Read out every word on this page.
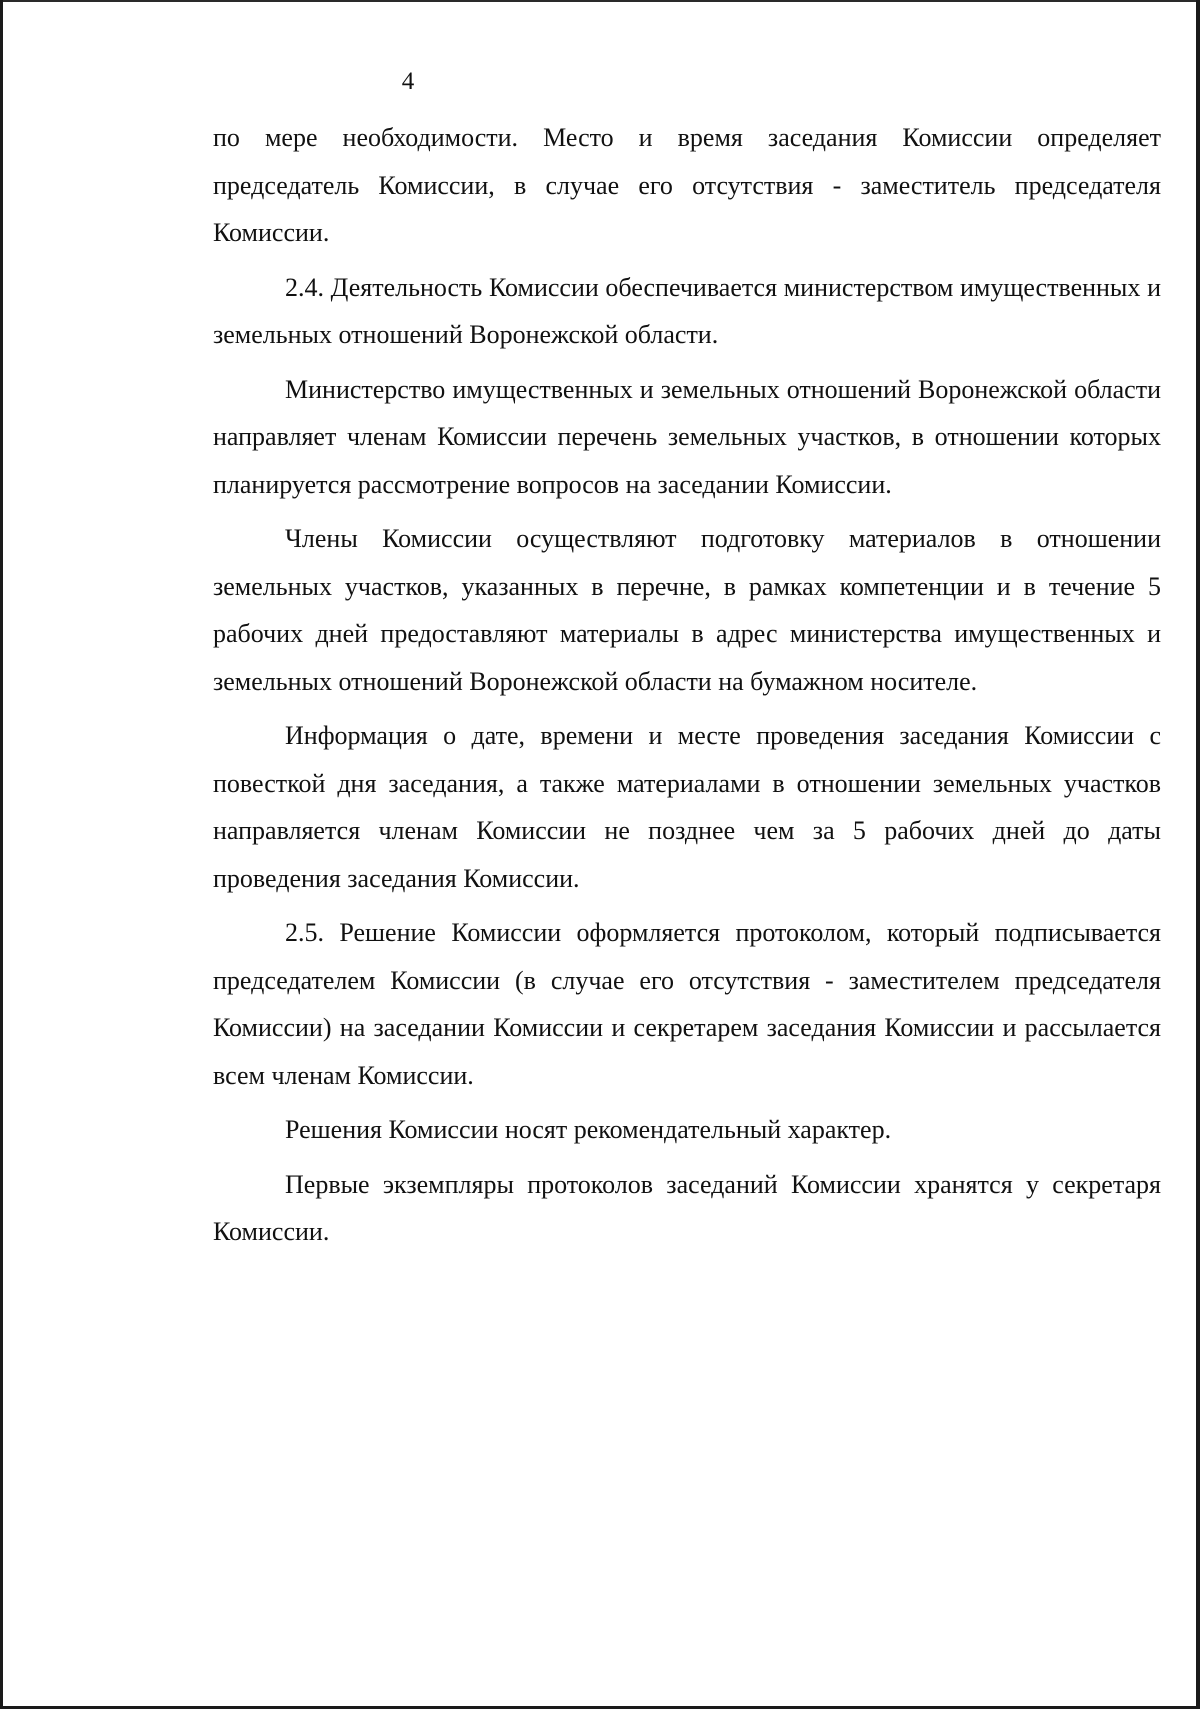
4

по мере необходимости. Место и время заседания Комиссии определяет председатель Комиссии, в случае его отсутствия - заместитель председателя Комиссии.

2.4. Деятельность Комиссии обеспечивается министерством имущественных и земельных отношений Воронежской области.

Министерство имущественных и земельных отношений Воронежской области направляет членам Комиссии перечень земельных участков, в отношении которых планируется рассмотрение вопросов на заседании Комиссии.

Члены Комиссии осуществляют подготовку материалов в отношении земельных участков, указанных в перечне, в рамках компетенции и в течение 5 рабочих дней предоставляют материалы в адрес министерства имущественных и земельных отношений Воронежской области на бумажном носителе.

Информация о дате, времени и месте проведения заседания Комиссии с повесткой дня заседания, а также материалами в отношении земельных участков направляется членам Комиссии не позднее чем за 5 рабочих дней до даты проведения заседания Комиссии.

2.5. Решение Комиссии оформляется протоколом, который подписывается председателем Комиссии (в случае его отсутствия - заместителем председателя Комиссии) на заседании Комиссии и секретарем заседания Комиссии и рассылается всем членам Комиссии.

Решения Комиссии носят рекомендательный характер.

Первые экземпляры протоколов заседаний Комиссии хранятся у секретаря Комиссии.
